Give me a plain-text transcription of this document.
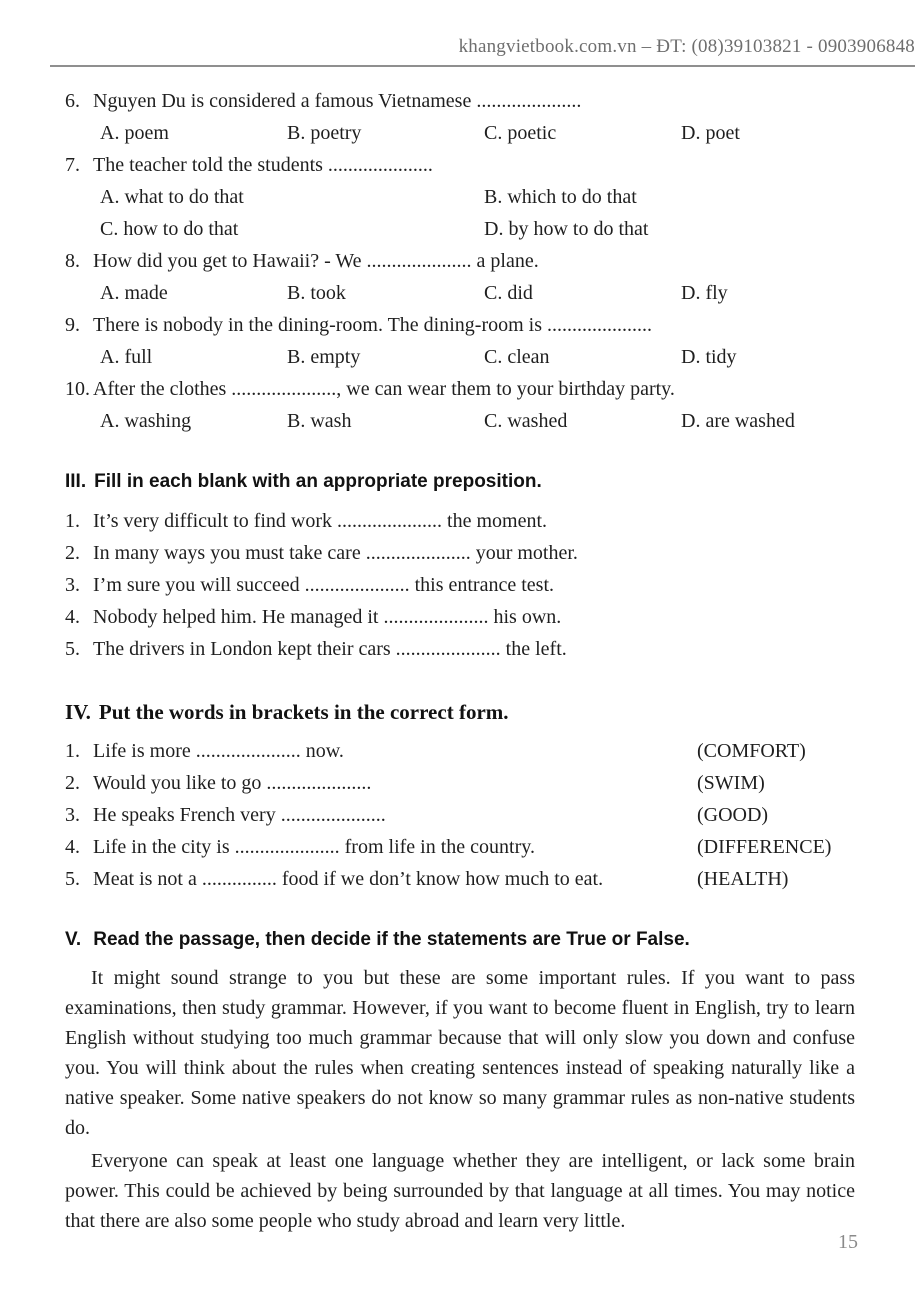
khangvietbook.com.vn – ĐT: (08)39103821 - 0903906848
6. Nguyen Du is considered a famous Vietnamese .....................
A. poem	B. poetry	C. poetic	D. poet
7. The teacher told the students .....................
A. what to do that	B. which to do that
C. how to do that	D. by how to do that
8. How did you get to Hawaii? - We ..................... a plane.
A. made	B. took	C. did	D. fly
9. There is nobody in the dining-room. The dining-room is .....................
A. full	B. empty	C. clean	D. tidy
10. After the clothes ....................., we can wear them to your birthday party.
A. washing	B. wash	C. washed	D. are washed
III. Fill in each blank with an appropriate preposition.
1. It’s very difficult to find work ..................... the moment.
2. In many ways you must take care ..................... your mother.
3. I’m sure you will succeed ..................... this entrance test.
4. Nobody helped him. He managed it ..................... his own.
5. The drivers in London kept their cars ..................... the left.
IV. Put the words in brackets in the correct form.
1. Life is more ..................... now.	(COMFORT)
2. Would you like to go .....................	(SWIM)
3. He speaks French very .....................	(GOOD)
4. Life in the city is ..................... from life in the country.	(DIFFERENCE)
5. Meat is not a ............... food if we don’t know how much to eat.	(HEALTH)
V. Read the passage, then decide if the statements are True or False.

It might sound strange to you but these are some important rules. If you want to pass examinations, then study grammar. However, if you want to become fluent in English, try to learn English without studying too much grammar because that will only slow you down and confuse you. You will think about the rules when creating sentences instead of speaking naturally like a native speaker. Some native speakers do not know so many grammar rules as non-native students do.

Everyone can speak at least one language whether they are intelligent, or lack some brain power. This could be achieved by being surrounded by that language at all times. You may notice that there are also some people who study abroad and learn very little.

15
